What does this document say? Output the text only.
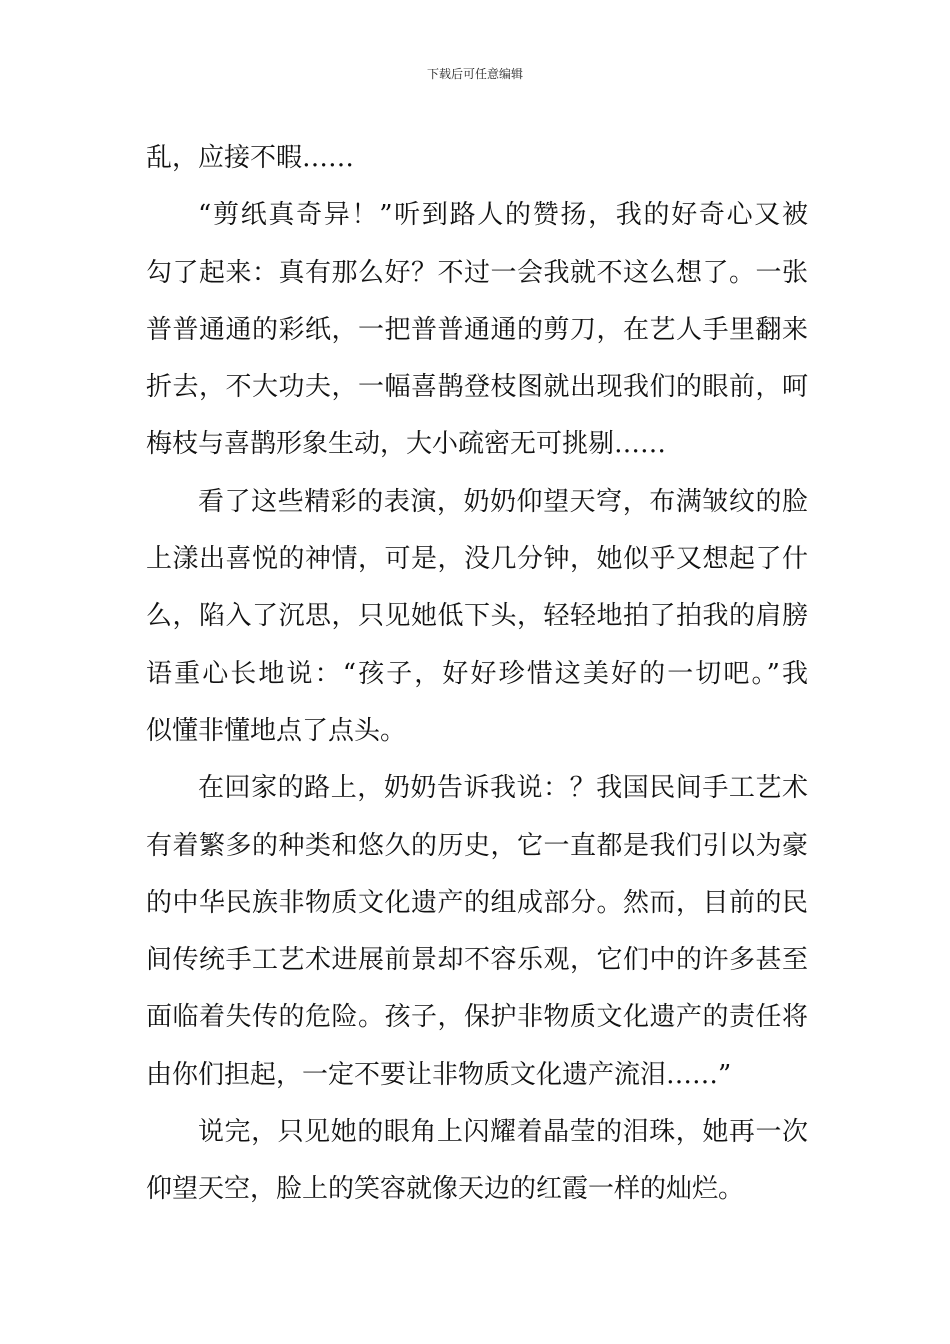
下载后可任意编辑
乱，应接不暇……
“剪纸真奇异！”听到路人的赞扬，我的好奇心又被
勾了起来：真有那么好？不过一会我就不这么想了。一张
普普通通的彩纸，一把普普通通的剪刀，在艺人手里翻来
折去，不大功夫，一幅喜鹊登枝图就出现我们的眼前，呵
梅枝与喜鹊形象生动，大小疏密无可挑剔……
看了这些精彩的表演，奶奶仰望天穹，布满皱纹的脸
上漾出喜悦的神情，可是，没几分钟，她似乎又想起了什
么，陷入了沉思，只见她低下头，轻轻地拍了拍我的肩膀
语重心长地说：“孩子，好好珍惜这美好的一切吧。”我
似懂非懂地点了点头。
在回家的路上，奶奶告诉我说：？我国民间手工艺术
有着繁多的种类和悠久的历史，它一直都是我们引以为豪
的中华民族非物质文化遗产的组成部分。然而，目前的民
间传统手工艺术进展前景却不容乐观，它们中的许多甚至
面临着失传的危险。孩子，保护非物质文化遗产的责任将
由你们担起，一定不要让非物质文化遗产流泪……”
说完，只见她的眼角上闪耀着晶莹的泪珠，她再一次
仰望天空，脸上的笑容就像天边的红霞一样的灿烂。
